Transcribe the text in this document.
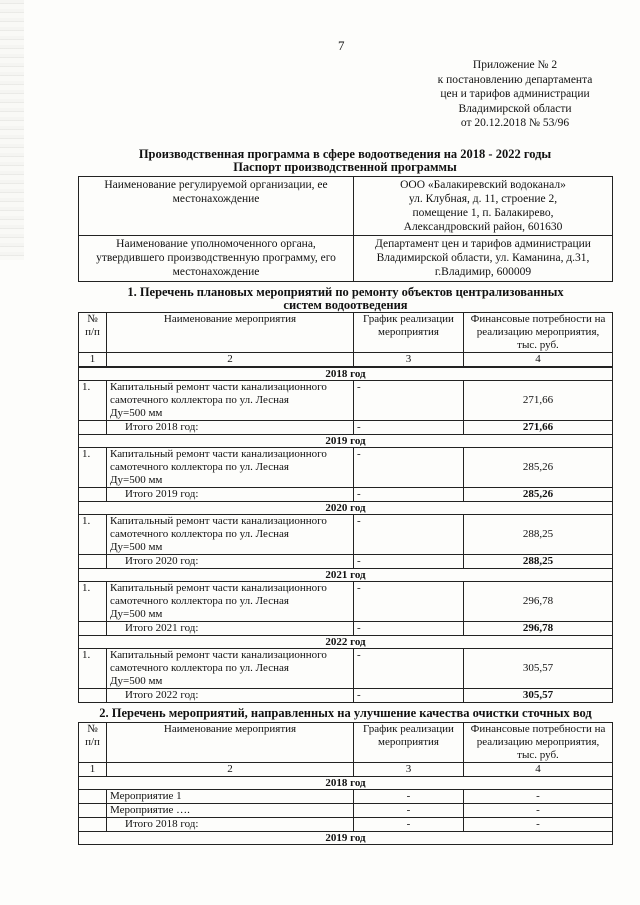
7
Приложение № 2
к постановлению департамента
цен и тарифов администрации
Владимирской области
от 20.12.2018 № 53/96
Производственная программа в сфере водоотведения на 2018 - 2022 годы
Паспорт производственной программы
Наименование регулируемой организации, ее местонахождение	ООО «Балакиревский водоканал»
ул. Клубная, д. 11, строение 2,
помещение 1, п. Балакирево,
Александровский район, 601630

Наименование уполномоченного органа, утвердившего производственную программу, его местонахождение	Департамент цен и тарифов администрации
Владимирской области, ул. Каманина, д.31,
г.Владимир, 600009
1. Перечень плановых мероприятий по ремонту объектов централизованных
систем водоотведения
№ п/п	Наименование мероприятия	График реализации мероприятия	Финансовые потребности на реализацию мероприятия, тыс. руб.
1	2	3	4
2018 год			
1.	Капитальный ремонт части канализационного
самотечного коллектора по ул. Лесная
Ду=500 мм	-	271,66
	Итого 2018 год:	-	271,66
2019 год			
1.	Капитальный ремонт части канализационного
самотечного коллектора по ул. Лесная
Ду=500 мм	-	285,26
	Итого 2019 год:	-	285,26
2020 год			
1.	Капитальный ремонт части канализационного
самотечного коллектора по ул. Лесная
Ду=500 мм	-	288,25
	Итого 2020 год:	-	288,25
2021 год			
1.	Капитальный ремонт части канализационного
самотечного коллектора по ул. Лесная
Ду=500 мм	-	296,78
	Итого 2021 год:	-	296,78
2022 год			
1.	Капитальный ремонт части канализационного
самотечного коллектора по ул. Лесная
Ду=500 мм	-	305,57
	Итого 2022 год:	-	305,57
2. Перечень мероприятий, направленных на улучшение качества очистки сточных вод
№ п/п	Наименование мероприятия	График реализации мероприятия	Финансовые потребности на реализацию мероприятия, тыс. руб.
1	2	3	4
2018 год			
	Мероприятие 1	-	-
	Мероприятие ….	-	-
	Итого 2018 год:	-	-
2019 год			
